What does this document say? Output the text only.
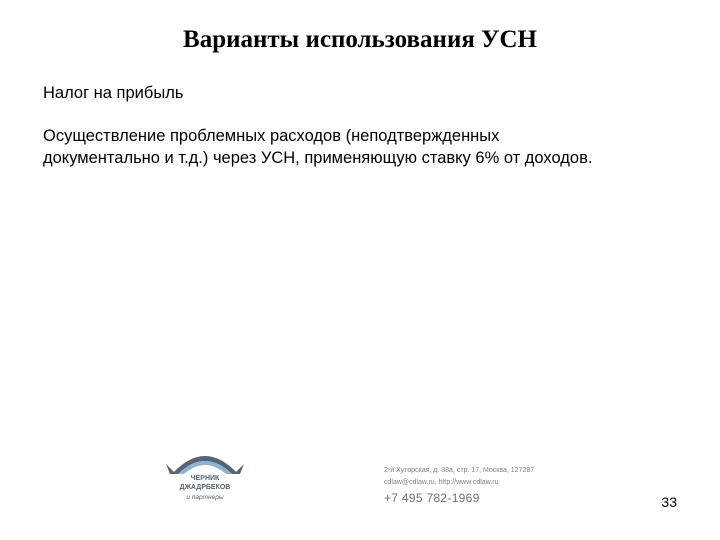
Варианты использования УСН

Налог на прибыль

Осуществление проблемных расходов (неподтвержденных
документально и т.д.) через УСН, применяющую ставку 6% от доходов.

ЧЕРНИК
ДЖАДРБЕКОВ
и партнеры
2-й Хуторская, д. 38а, стр. 17, Москва, 127287
cdlaw@cdlaw.ru, http://www.cdlaw.ru
+7 495 782-1969	33
